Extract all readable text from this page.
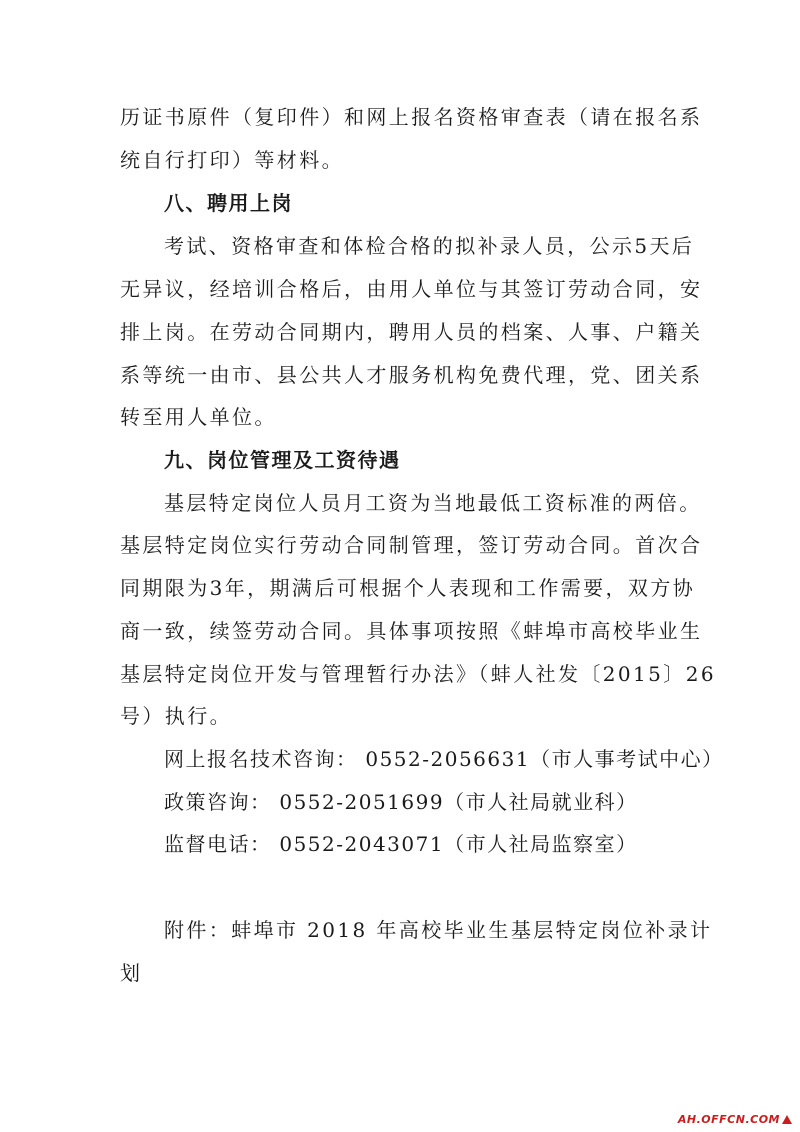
历证书原件（复印件）和网上报名资格审查表（请在报名系
统自行打印）等材料。
八、聘用上岗
考试、资格审查和体检合格的拟补录人员，公示5天后
无异议，经培训合格后，由用人单位与其签订劳动合同，安
排上岗。在劳动合同期内，聘用人员的档案、人事、户籍关
系等统一由市、县公共人才服务机构免费代理，党、团关系
转至用人单位。
九、岗位管理及工资待遇
基层特定岗位人员月工资为当地最低工资标准的两倍。
基层特定岗位实行劳动合同制管理，签订劳动合同。首次合
同期限为3年，期满后可根据个人表现和工作需要，双方协
商一致，续签劳动合同。具体事项按照《蚌埠市高校毕业生
基层特定岗位开发与管理暂行办法》（蚌人社发〔2015〕26
号）执行。
网上报名技术咨询： 0552-2056631（市人事考试中心）
政策咨询： 0552-2051699（市人社局就业科）
监督电话： 0552-2043071（市人社局监察室）
附件：蚌埠市 2018 年高校毕业生基层特定岗位补录计
划
AH.OFFCN.COM
